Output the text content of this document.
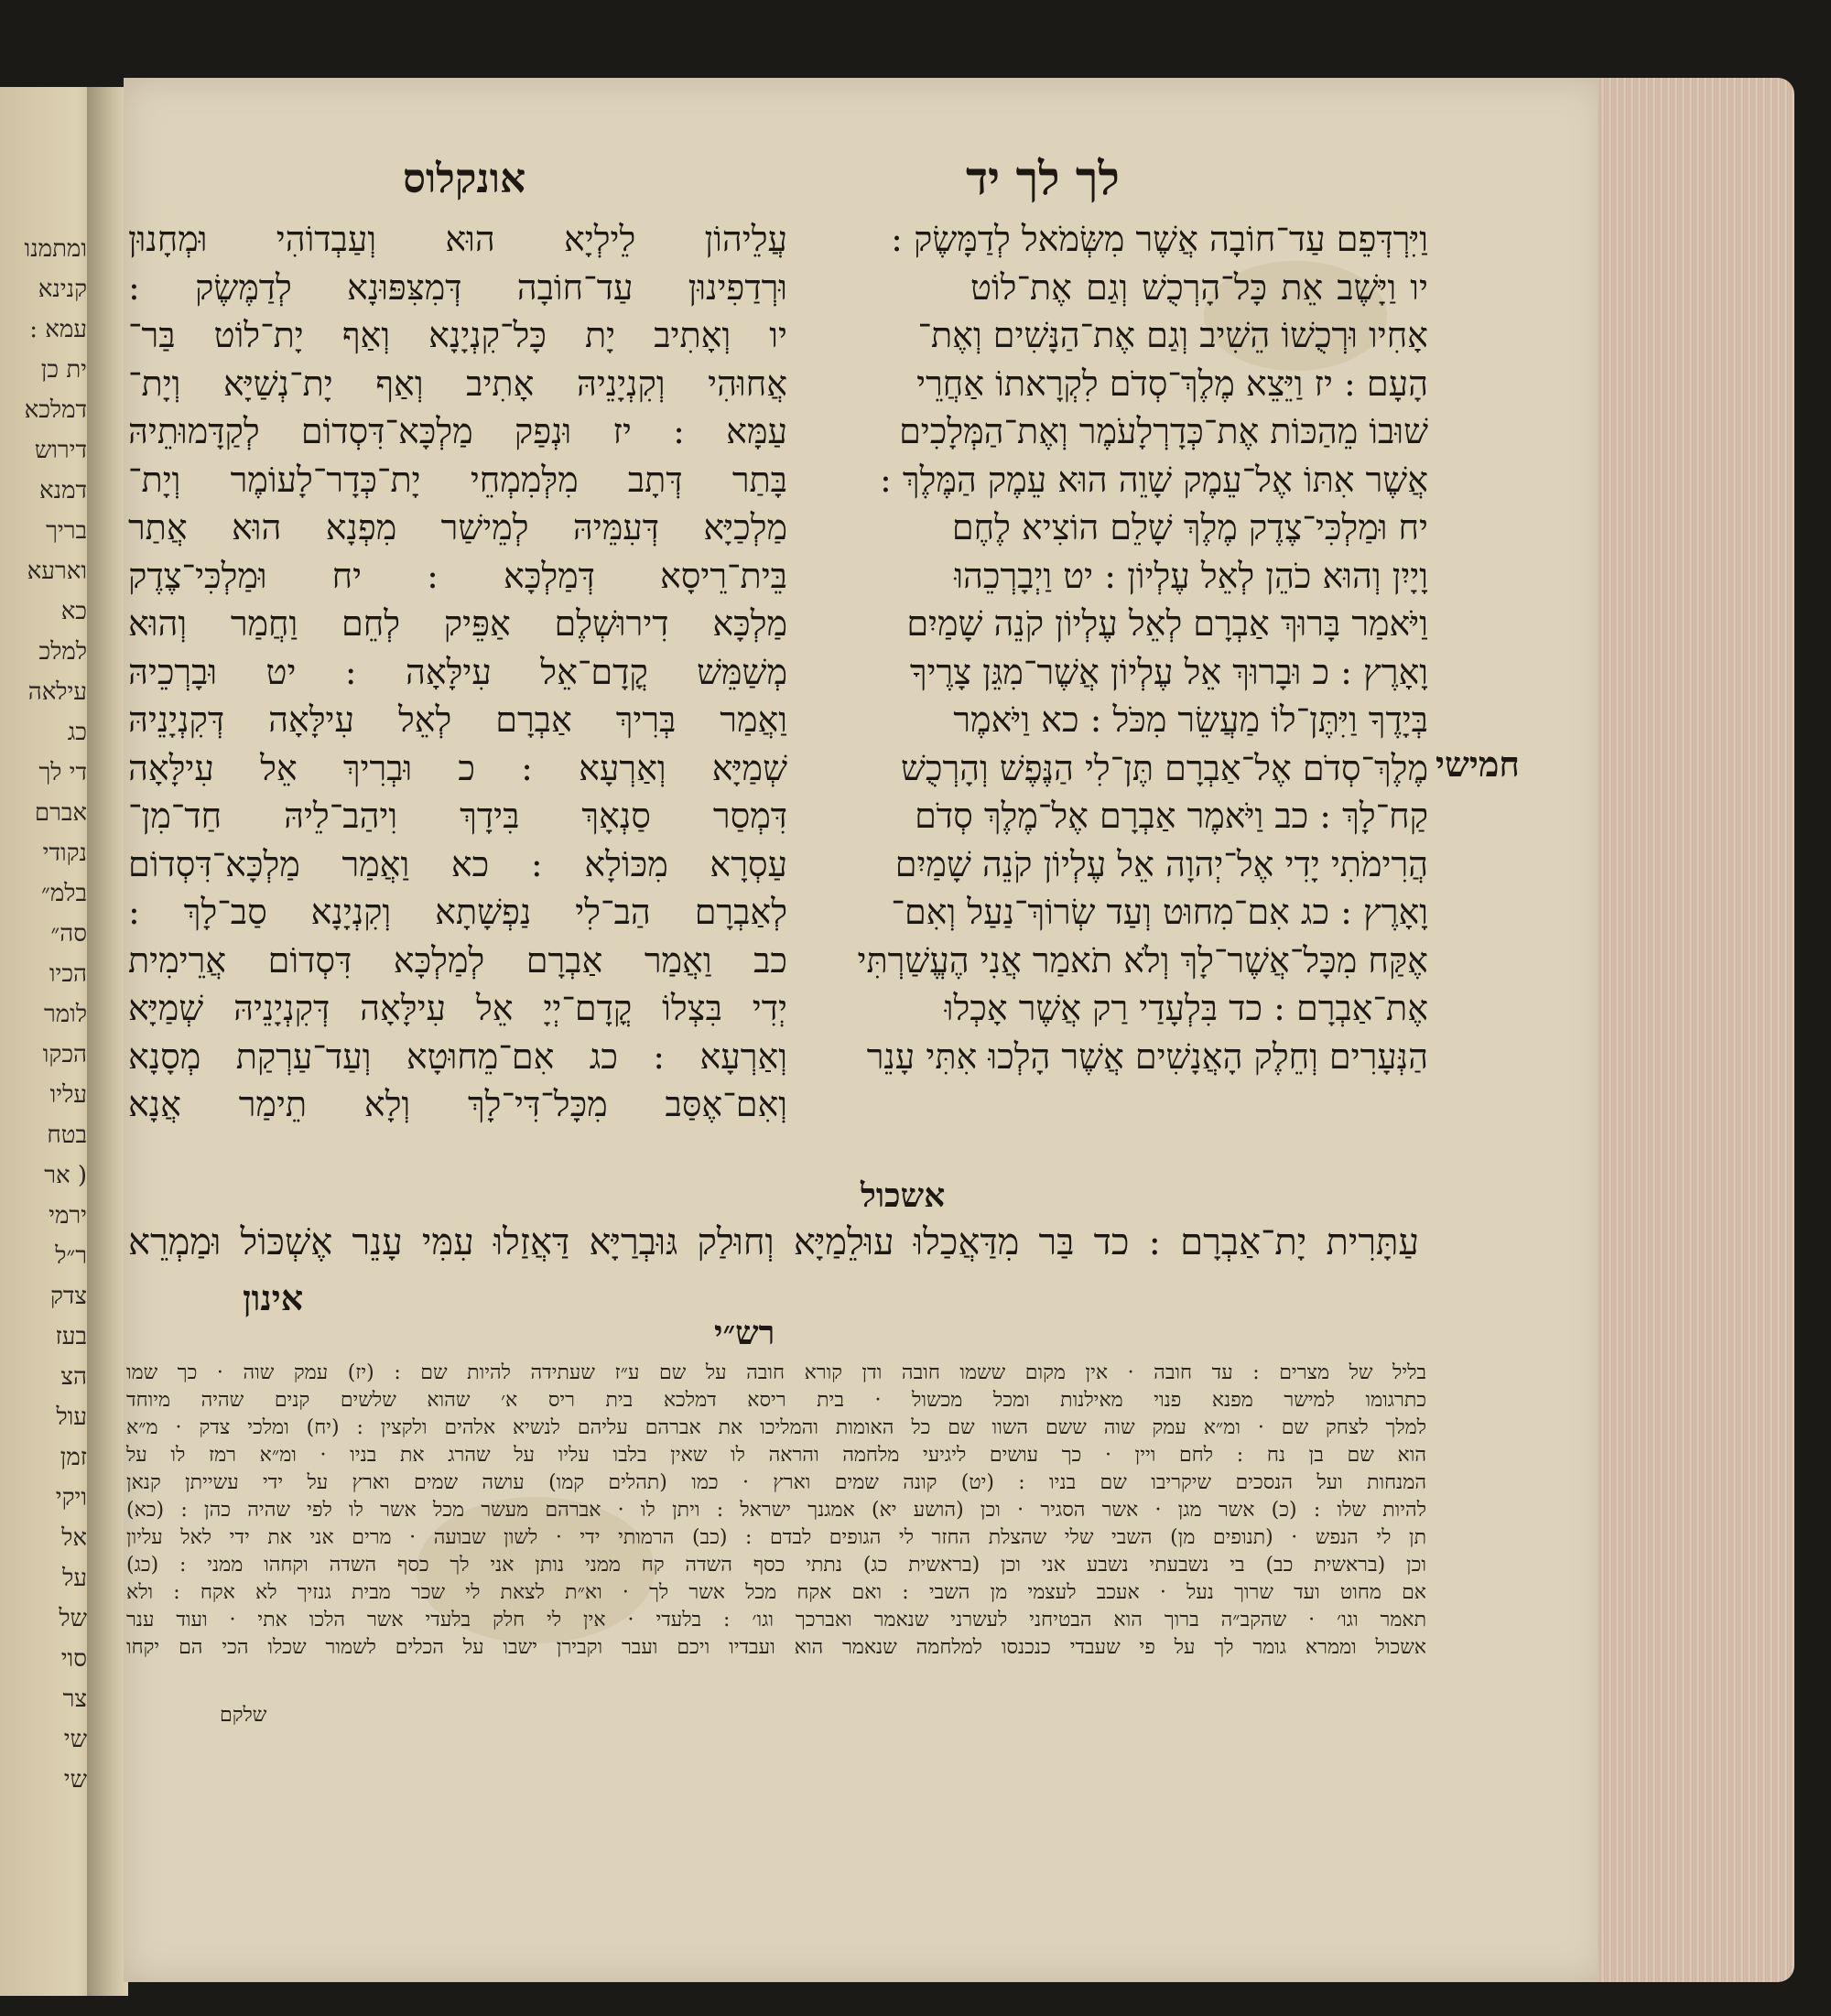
ומתמנו
קנינא
עמא :
ית כן
דמלכא
דירוש
דמנא
בריך
וארעא
כא
למלכ
עילאה
כג
די לך
אברם
נקודי
בלמ״
סה״
הכיו
לומר
הכקו
עליו
בטח
( אר
ירמי
ר״ל
צדק
בעז
הצ
עול
זמן
ויקי
אל
על
של
סוי
צר
שי
שי
לך לך יד
אונקלוס
וַיִּרְדְּפֵם עַד־חוֹבָה אֲשֶׁר מִשְּׂמֹאל לְדַמָּשֶׂק :
יו וַיָּשֶׁב אֵת כָּל־הָרְכֻשׁ וְגַם אֶת־לוֹט
אָחִיו וּרְכֻשׁוֹ הֵשִׁיב וְגַם אֶת־הַנָּשִׁים וְאֶת־
הָעָם : יז וַיֵּצֵא מֶלֶךְ־סְדֹם לִקְרָאתוֹ אַחֲרֵי
שׁוּבוֹ מֵהַכּוֹת אֶת־כְּדָרְלָעֹמֶר וְאֶת־הַמְּלָכִים
אֲשֶׁר אִתּוֹ אֶל־עֵמֶק שָׁוֵה הוּא עֵמֶק הַמֶּלֶךְ :
יח וּמַלְכִּי־צֶדֶק מֶלֶךְ שָׁלֵם הוֹצִיא לֶחֶם
וָיָיִן וְהוּא כֹהֵן לְאֵל עֶלְיוֹן : יט וַיְבָרְכֵהוּ
וַיֹּאמַר בָּרוּךְ אַבְרָם לְאֵל עֶלְיוֹן קֹנֵה שָׁמַיִם
וָאָרֶץ : כ וּבָרוּךְ אֵל עֶלְיוֹן אֲשֶׁר־מִגֵּן צָרֶיךָ
בְּיָדֶךָ וַיִּתֶּן־לוֹ מַעֲשֵׂר מִכֹּל : כא וַיֹּאמֶר
מֶלֶךְ־סְדֹם אֶל־אַבְרָם תֶּן־לִי הַנֶּפֶשׁ וְהָרְכֻשׁ
קַח־לָךְ : כב וַיֹּאמֶר אַבְרָם אֶל־מֶלֶךְ סְדֹם
הֲרִימֹתִי יָדִי אֶל־יְהוָה אֵל עֶלְיוֹן קֹנֵה שָׁמַיִם
וָאָרֶץ : כג אִם־מִחוּט וְעַד שְׂרוֹךְ־נַעַל וְאִם־
אֶקַּח מִכָּל־אֲשֶׁר־לָךְ וְלֹא תֹאמַר אֲנִי הֶעֱשַׁרְתִּי
אֶת־אַבְרָם : כד בִּלְעָדַי רַק אֲשֶׁר אָכְלוּ
הַנְּעָרִים וְחֵלֶק הָאֲנָשִׁים אֲשֶׁר הָלְכוּ אִתִּי עָנֵר
עֲלֵיהוֹן לֵילְיָא הוּא וְעַבְדוֹהִי וּמְחָנוּן
וּרְדַפִינוּן עַד־חוֹבָה דְּמִצִּפּוּנָא לְדַמֶּשֶׂק :
יו וְאָתִיב יָת כָּל־קִנְיָנָא וְאַף יָת־לוֹט בַּר־
אֲחוּהִי וְקִנְיָנֵיהּ אָתִיב וְאַף יָת־נְשַׁיָּא וְיָת־
עַמָּא : יז וּנְפַק מַלְכָּא־דִּסְדוֹם לְקַדָּמוּתֵיהּ
בָּתַר דְּתָב מִלְּמִמְחֵי יָת־כְּדָר־לָעוֹמֶר וְיָת־
מַלְכַיָּא דְּעִמֵּיהּ לְמֵישַׁר מִפְנָא הוּא אֲתַר
בֵּית־רֵיסָא דְּמַלְכָּא : יח וּמַלְכִּי־צֶדֶק
מַלְכָּא דִירוּשְׁלֶם אַפֵּיק לְחֵם וַחֲמַר וְהוּא
מְשַׁמֵּשׁ קֳדָם־אֵל עִילָּאָה : יט וּבָרְכֵיהּ
וַאֲמַר בְּרִיךְ אַבְרָם לְאֵל עִילָּאָה דְּקִנְיָנֵיהּ
שְׁמַיָּא וְאַרְעָא : כ וּבְרִיךְ אֵל עִילָּאָה
דִּמְסַר סַנְאָךְ בִּידָךְ וִיהַב־לֵיהּ חַד־מִן־
עַסְרָא מִכּוֹלָא : כא וַאֲמַר מַלְכָּא־דִּסְדוֹם
לְאַבְרָם הַב־לִי נַפְשָׁתָא וְקִנְיָנָא סַב־לָךְ :
כב וַאֲמַר אַבְרָם לְמַלְכָּא דִּסְדוֹם אֲרֵימִית
יְדִי בִּצְלוֹ קֳדָם־יְיָ אֵל עִילָּאָה דְּקִנְיָנֵיהּ שְׁמַיָּא
וְאַרְעָא : כג אִם־מֵחוּטָא וְעַד־עַרְקַת מְסָנָא
וְאִם־אֶסַּב מִכָּל־דִּי־לָךְ וְלָא תֵימַר אֲנָא
חמישי
אשכול
עַתָּרִית יָת־אַבְרָם : כד בַּר מִדַּאֲכַלוּ עוּלֵמַיָּא וְחוּלַק גּוּבְרַיָּא דַּאֲזַלוּ עִמִּי עָנֵר אֶשְׁכּוֹל וּמַמְרֵא
אינון
רש״י
בליל של מצרים : עד חובה · אין מקום ששמו חובה ודן קורא חובה על שם ע״ז שעתידה להיות שם : (יז) עמק שוה · כך שמו
כתרגומו למישר מפנא פנוי מאילנות ומכל מכשול · בית ריסא דמלכא בית ריס א׳ שהוא שלשים קנים שהיה מיוחד
למלך לצחק שם · ומ״א עמק שוה ששם השוו שם כל האומות והמליכו את אברהם עליהם לנשיא אלהים ולקצין : (יח) ומלכי צדק · מ״א
הוא שם בן נח : לחם ויין · כך עושים ליגיעי מלחמה והראה לו שאין בלבו עליו על שהרג את בניו · ומ״א רמז לו על
המנחות ועל הנסכים שיקריבו שם בניו : (יט) קונה שמים וארץ · כמו (תהלים קמו) עושה שמים וארץ על ידי עשייתן קנאן
להיות שלו : (כ) אשר מגן · אשר הסגיר · וכן (הושע יא) אמגנך ישראל : ויתן לו · אברהם מעשר מכל אשר לו לפי שהיה כהן : (כא)
תן לי הנפש · (תנופים מן) השבי שלי שהצלת החזר לי הגופים לבדם : (כב) הרמותי ידי · לשון שבועה · מרים אני את ידי לאל עליון
וכן (בראשית כב) בי נשבעתי נשבע אני וכן (בראשית כג) נתתי כסף השדה קח ממני נותן אני לך כסף השדה וקחהו ממני : (כג)
אם מחוט ועד שרוך נעל · אעכב לעצמי מן השבי : ואם אקח מכל אשר לך · וא״ת לצאת לי שכר מבית גנזיך לא אקח : ולא
תאמר וגו׳ · שהקב״ה ברוך הוא הבטיחני לעשרני שנאמר ואברכך וגו׳ : בלעדי · אין לי חלק בלעדי אשר הלכו אתי · ועוד ענר
אשכול וממרא גומר לך על פי שעבדי כנכנסו למלחמה שנאמר הוא ועבדיו ויכם ועבר וקבירן ישבו על הכלים לשמור שכלו הכי הם יקחו
שלקם
